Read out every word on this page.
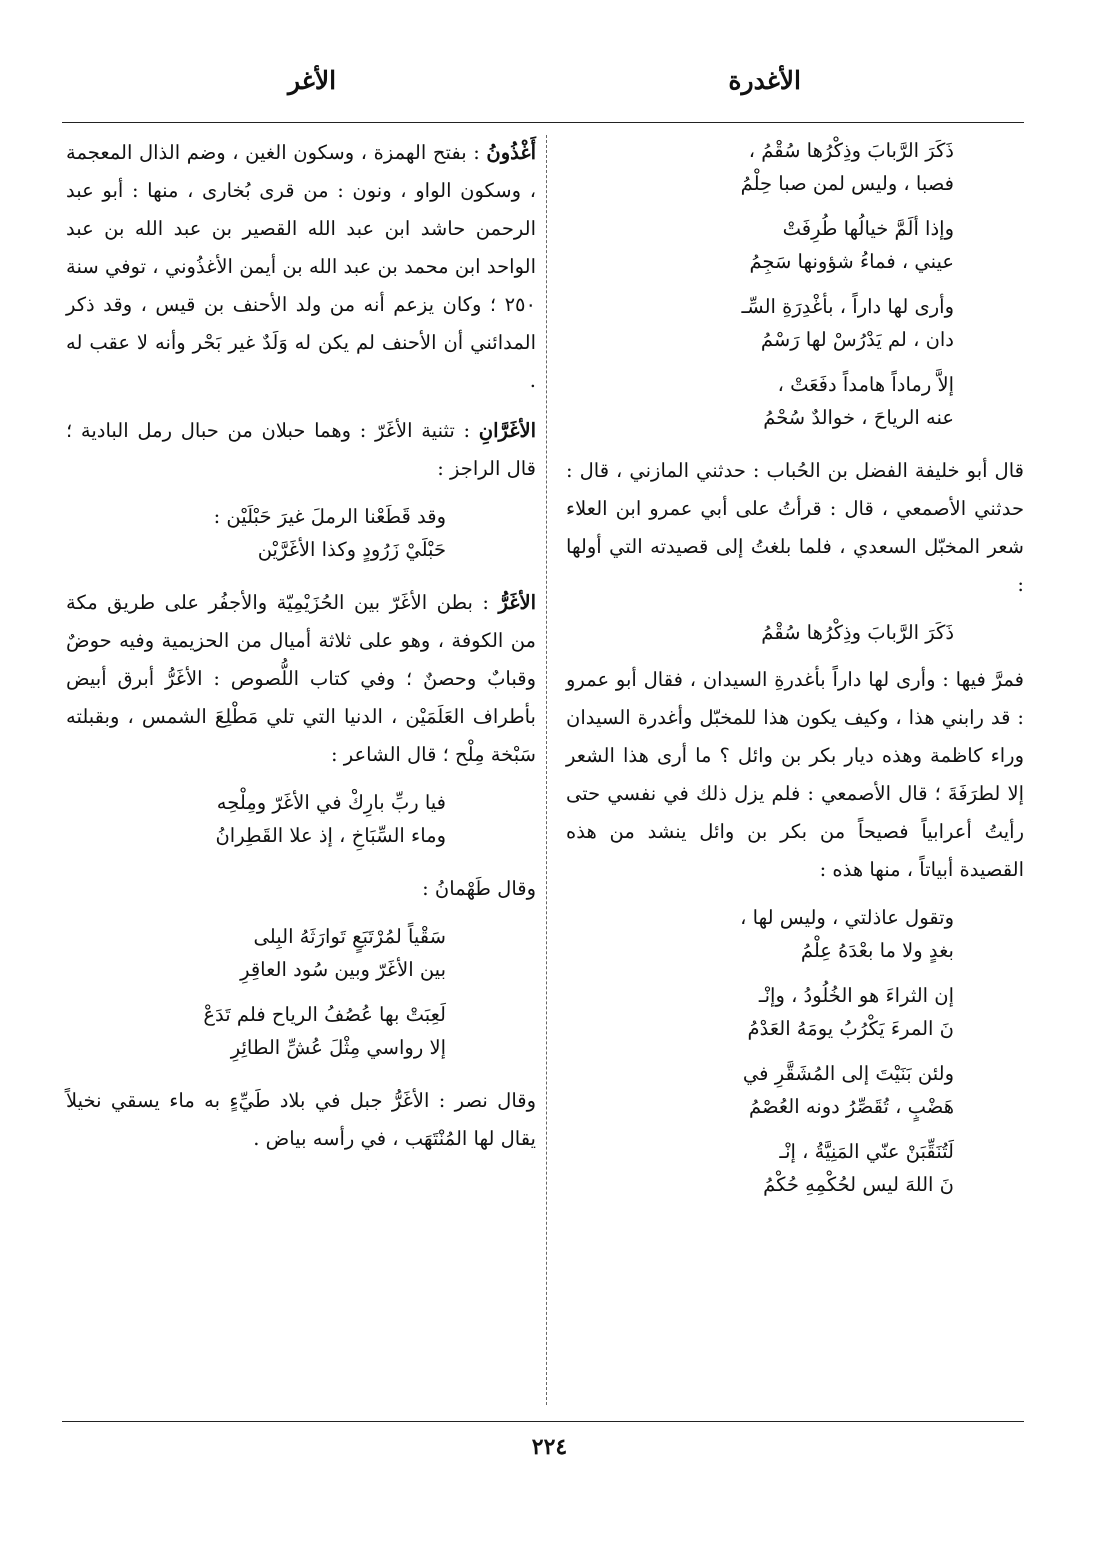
الأغدرة
الأغر
ذَكَرَ الرَّبابَ وذِكْرُها سُقْمُ ،
فصبا ، وليس لمن صبا حِلْمُ
وإذا ألَمَّ خيالُها طُرِفَتْ
عيني ، فماءُ شؤونها سَجِمُ
وأرى لها داراً ، بأغْدِرَةِ السِّـ
دان ، لم يَدْرُسْ لها رَسْمُ
إلاَّ رماداً هامداً دفَعَتْ ،
عنه الرياحَ ، خوالدٌ سُحْمُ

قال أبو خليفة الفضل بن الحُباب : حدثني المازني ، قال : حدثني الأصمعي ، قال : قرأتُ على أبي عمرو ابن العلاء شعر المخبّل السعدي ، فلما بلغتُ إلى قصيدته التي أولها :

ذَكَرَ الرَّبابَ وذِكْرُها سُقْمُ

فمرَّ فيها : وأرى لها داراً بأغدرةِ السيدان ، فقال أبو عمرو : قد رابني هذا ، وكيف يكون هذا للمخبّل وأغدرة السيدان وراء كاظمة وهذه ديار بكر بن وائل ؟ ما أرى هذا الشعر إلا لطرَفَةَ ؛ قال الأصمعي : فلم يزل ذلك في نفسي حتى رأيتُ أعرابياً فصيحاً من بكر بن وائل ينشد من هذه القصيدة أبياتاً ، منها هذه :

وتقول عاذلتي ، وليس لها ،
بغدٍ ولا ما بعْدَهُ عِلْمُ
إن الثراءَ هو الخُلُودُ ، وإنْـ
نَ المرءَ يَكْرُبُ يومَهُ العَدْمُ
ولئن بَنَيْتَ إلى المُشَقَّرِ في
هَضْبٍ ، تُقَصِّرُ دونه العُصْمُ
لَتُنَقِّبَنْ عنّي المَنِيَّةُ ، إنْـ
نَ اللهَ ليس لحُكْمِهِ حُكْمُ

أَغْذُونُ : بفتح الهمزة ، وسكون الغين ، وضم الذال المعجمة ، وسكون الواو ، ونون : من قرى بُخارى ، منها : أبو عبد الرحمن حاشد ابن عبد الله القصير بن عبد الله بن عبد الواحد ابن محمد بن عبد الله بن أيمن الأغذُوني ، توفي سنة ٢٥٠ ؛ وكان يزعم أنه من ولد الأحنف بن قيس ، وقد ذكر المدائني أن الأحنف لم يكن له وَلَدٌ غير بَحْر وأنه لا عقب له .

الأغَرَّانِ : تثنية الأغَرّ : وهما حبلان من حبال رمل البادية ؛ قال الراجز :

وقد قَطَعْنا الرملَ غيرَ حَبْلَيْن :
حَبْلَيْ زَرُودٍ وكذا الأغَرَّيْن

الأغَرُّ : بطن الأغَرّ بين الحُزَيْمِيّة والأجفُر على طريق مكة من الكوفة ، وهو على ثلاثة أميال من الحزيمية وفيه حوضٌ وقبابٌ وحصنٌ ؛ وفي كتاب اللُّصوص : الأغَرُّ أبرق أبيض بأطراف العَلَمَيْن ، الدنيا التي تلي مَطْلِعَ الشمس ، وبقبلته سَبْخة مِلْح ؛ قال الشاعر :

فيا ربِّ بارِكْ في الأغَرّ ومِلْحِه
وماء السِّبَاخِ ، إذ علا القَطِرانُ

وقال طَهْمانُ :

سَقْياً لمُرْتَبَعٍ تَوارَثَهُ البِلى
بين الأغَرّ وبين سُود العاقِرِ
لَعِبَتْ بها عُصُفُ الرياح فلم تَدَعْ
إلا رواسي مِثْلَ عُشِّ الطائِرِ

وقال نصر : الأغَرُّ جبل في بلاد طَيِّءٍ به ماء يسقي نخيلاً يقال لها المُنْتَهَب ، في رأسه بياض .

٢٢٤
